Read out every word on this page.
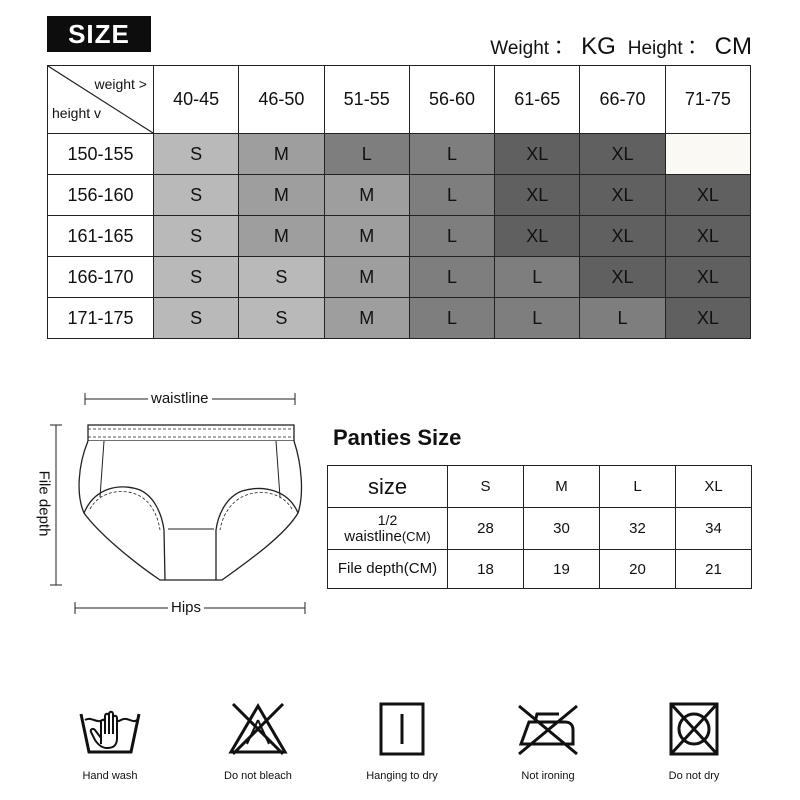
SIZE	Weight ： KG Height ： CM
weight >
height v	40-45	46-50	51-55	56-60	61-65	66-70	71-75
150-155	S	M	L	L	XL	XL	
156-160	S	M	M	L	XL	XL	XL
161-165	S	M	M	L	XL	XL	XL
166-170	S	S	M	L	L	XL	XL
171-175	S	S	M	L	L	L	XL
waistline
File depth
Hips
Panties Size
size	S	M	L	XL
1/2
waistline(CM)	28	30	32	34
File depth(CM)	18	19	20	21
Hand wash	Do not bleach	Hanging to dry	Not ironing	Do not dry
